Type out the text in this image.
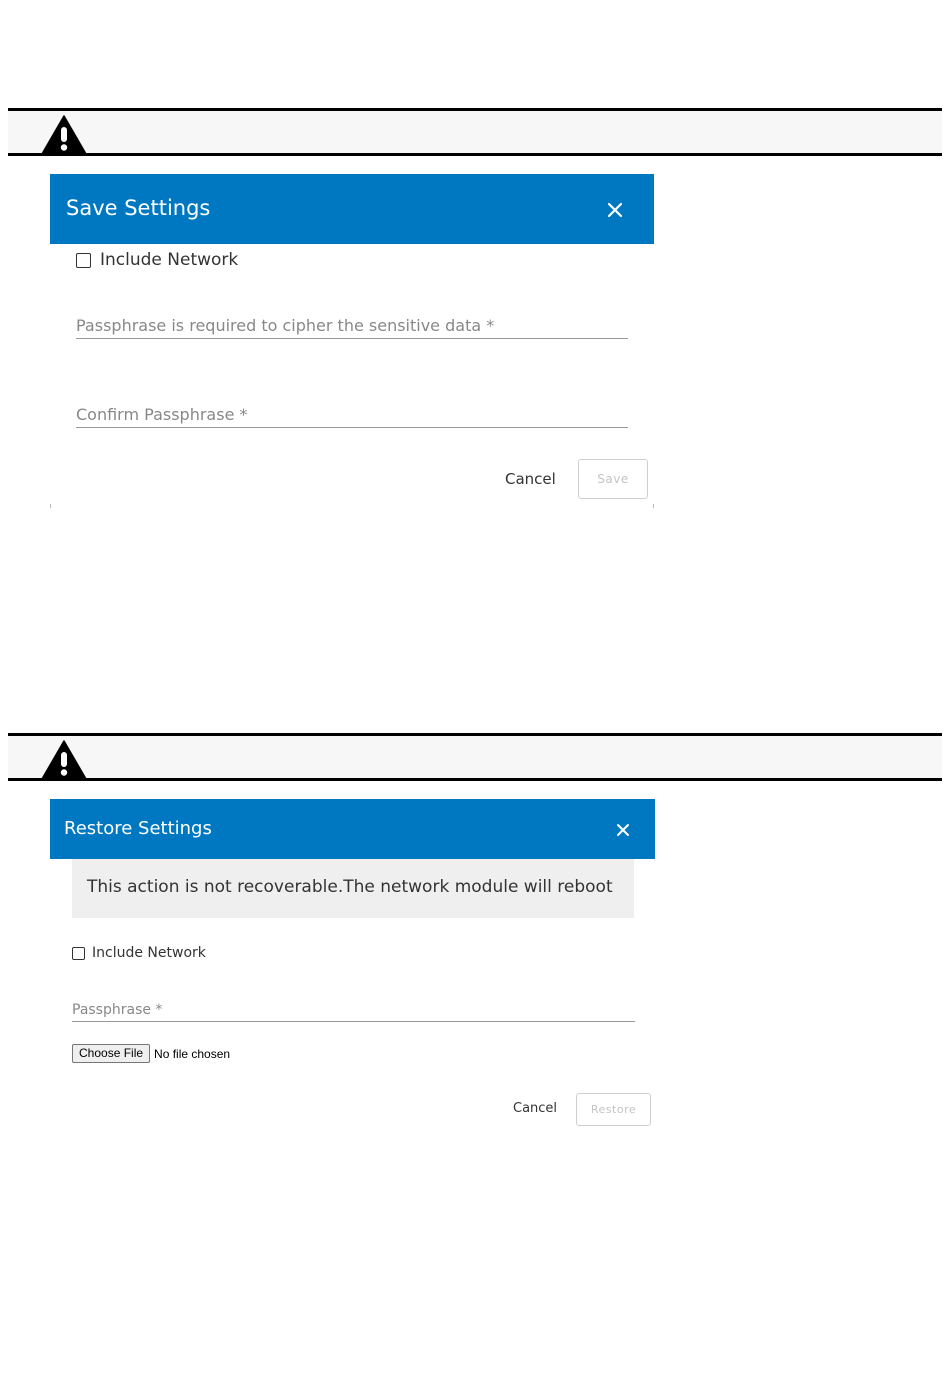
Save Settings
Include Network
Passphrase is required to cipher the sensitive data *
Confirm Passphrase *
Cancel	Save
Restore Settings
This action is not recoverable.The network module will reboot
Include Network
Passphrase *
Choose File No file chosen
Cancel	Restore
